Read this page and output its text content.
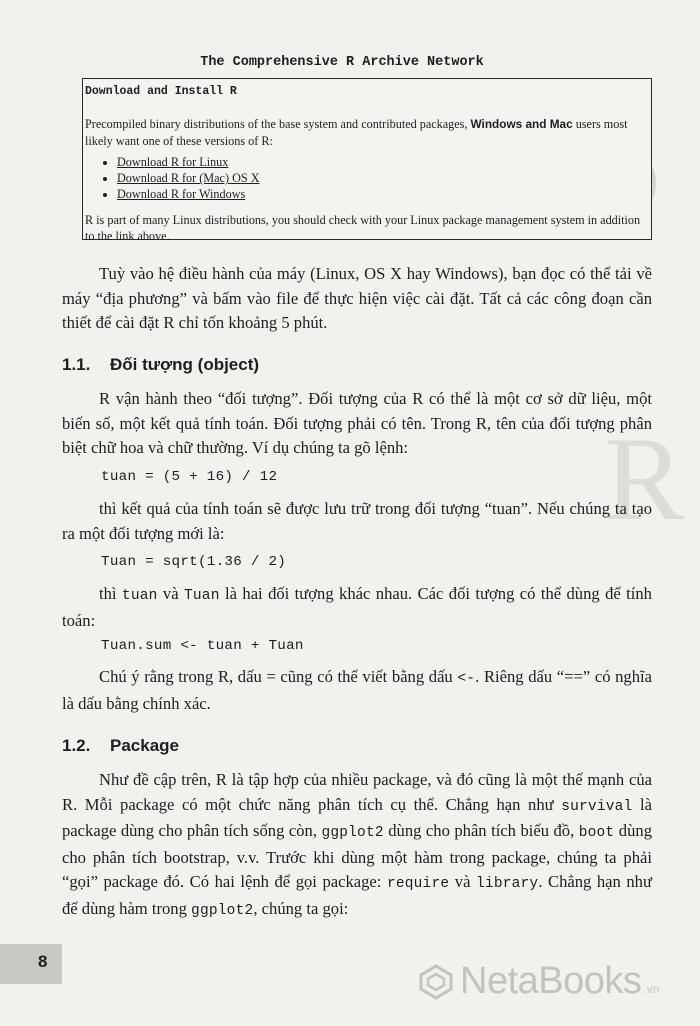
R
The Comprehensive R Archive Network
Download and Install R
Precompiled binary distributions of the base system and contributed packages, Windows and Mac users most likely want one of these versions of R:
• Download R for Linux
• Download R for (Mac) OS X
• Download R for Windows
R is part of many Linux distributions, you should check with your Linux package management system in addition to the link above.
Tuỳ vào hệ điều hành của máy (Linux, OS X hay Windows), bạn đọc có thể tải về máy “địa phương” và bấm vào file để thực hiện việc cài đặt. Tất cả các công đoạn cần thiết để cài đặt R chỉ tốn khoảng 5 phút.
1.1. Đối tượng (object)
R vận hành theo “đối tượng”. Đối tượng của R có thể là một cơ sở dữ liệu, một biến số, một kết quả tính toán. Đối tượng phải có tên. Trong R, tên của đối tượng phân biệt chữ hoa và chữ thường. Ví dụ chúng ta gõ lệnh:
tuan = (5 + 16) / 12
thì kết quả của tính toán sẽ được lưu trữ trong đối tượng “tuan”. Nếu chúng ta tạo ra một đối tượng mới là:
Tuan = sqrt(1.36 / 2)
thì tuan và Tuan là hai đối tượng khác nhau. Các đối tượng có thể dùng để tính toán:
Tuan.sum <- tuan + Tuan
Chú ý rằng trong R, dấu = cũng có thể viết bằng dấu <-. Riêng dấu “==” có nghĩa là dấu bằng chính xác.
1.2. Package
Như đề cập trên, R là tập hợp của nhiều package, và đó cũng là một thế mạnh của R. Mỗi package có một chức năng phân tích cụ thể. Chẳng hạn như survival là package dùng cho phân tích sống còn, ggplot2 dùng cho phân tích biểu đồ, boot dùng cho phân tích bootstrap, v.v. Trước khi dùng một hàm trong package, chúng ta phải “gọi” package đó. Có hai lệnh để gọi package: require và library. Chẳng hạn như để dùng hàm trong ggplot2, chúng ta gọi:
8	NetaBooks .vn
